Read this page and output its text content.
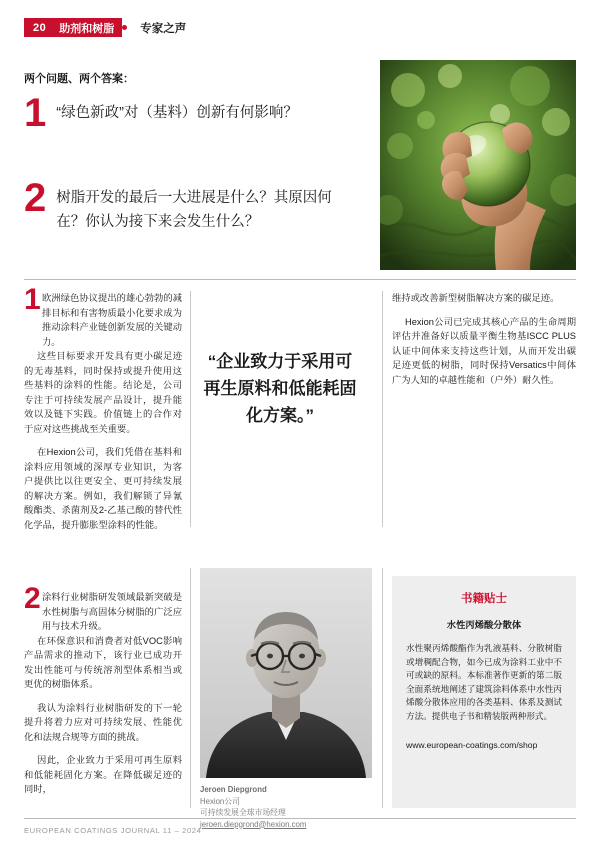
20	助剂和树脂	专家之声
两个问题、两个答案：
1 “绿色新政”对（基料）创新有何影响？
2 树脂开发的最后一大进展是什么？其原因何在？你认为接下来会发生什么？
1 欧洲绿色协议提出的雄心勃勃的减排目标和有害物质最小化要求成为推动涂料产业链创新发展的关键动力。

这些目标要求开发具有更小碳足迹的无毒基料，同时保持或提升使用这些基料的涂料的性能。结论是，公司专注于可持续发展产品设计，提升能效以及链下实践。价值链上的合作对于应对这些挑战至关重要。

在Hexion公司，我们凭借在基料和涂料应用领域的深厚专业知识，为客户提供比以往更安全、更可持续发展的解决方案。例如，我们解锁了异氰酸酯类、杀菌剂及2-乙基己酸的替代性化学品，提升膨胀型涂料的性能。

2 涂料行业树脂研发领域最新突破是水性树脂与高固体分树脂的广泛应用与技术升级。

在环保意识和消费者对低VOC影响产品需求的推动下，该行业已成功开发出性能可与传统溶剂型体系相当或更优的树脂体系。

我认为涂料行业树脂研发的下一轮提升将着力应对可持续发展、性能优化和法规合规等方面的挑战。

因此，企业致力于采用可再生原料和低能耗固化方案。在降低碳足迹的同时，

“企业致力于采用可再生原料和低能耗固化方案。”
Jeroen Diepgrond
Hexion公司
可持续发展全球市场经理
jeroen.diepgrond@hexion.com

维持或改善新型树脂解决方案的碳足迹。

Hexion公司已完成其核心产品的生命周期评估并准备好以质量平衡生物基ISCC PLUS认证中间体来支持这些计划，从而开发出碳足迹更低的树脂，同时保持Versatics中间体广为人知的卓越性能和（户外）耐久性。

书籍贴士
水性丙烯酸分散体

水性聚丙烯酸酯作为乳液基料、分散树脂或增稠配合物，如今已成为涂料工业中不可或缺的原料。本标准著作更新的第二版全面系统地阐述了建筑涂料体系中水性丙烯酸分散体应用的各类基料、体系及测试方法。提供电子书和精装版两种形式。

www.european-coatings.com/shop
EUROPEAN COATINGS JOURNAL 11 – 2024
